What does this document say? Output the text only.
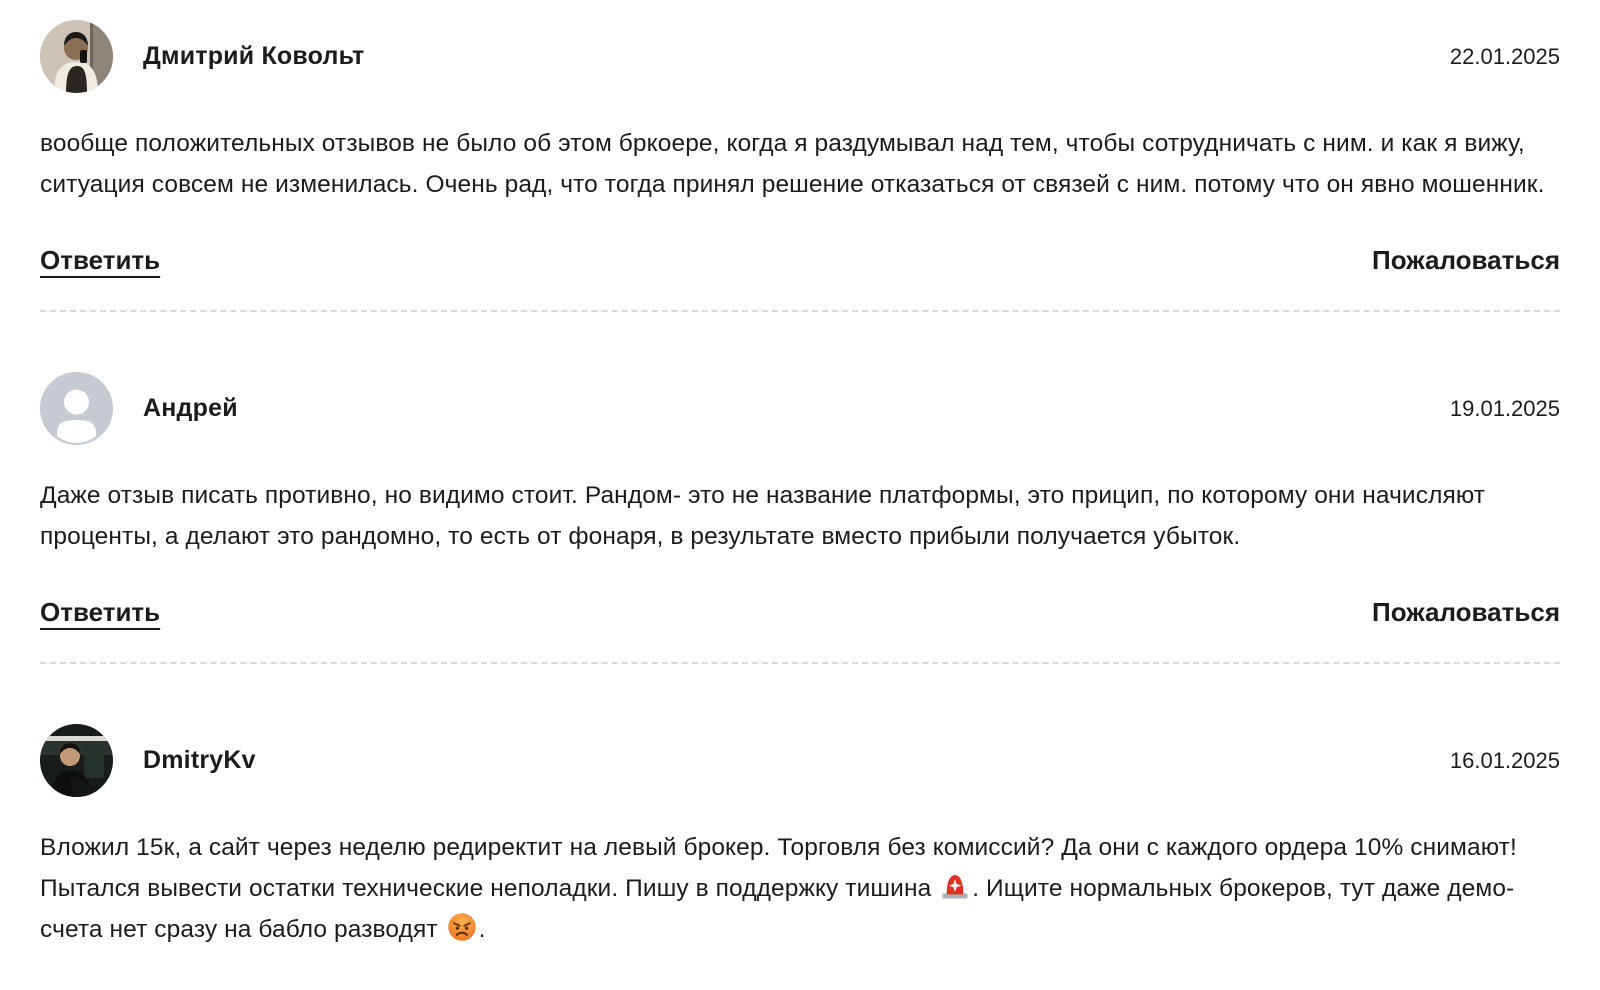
Дмитрий Ковольт	22.01.2025

вообще положительных отзывов не было об этом бркоере, когда я раздумывал над тем, чтобы сотрудничать с ним. и как я вижу, ситуация совсем не изменилась. Очень рад, что тогда принял решение отказаться от связей с ним. потому что он явно мошенник.

Ответить	Пожаловаться
Андрей	19.01.2025

Даже отзыв писать противно, но видимо стоит. Рандом- это не название платформы, это прицип, по которому они начисляют проценты, а делают это рандомно, то есть от фонаря, в результате вместо прибыли получается убыток.

Ответить	Пожаловаться
DmitryKv	16.01.2025

Вложил 15к, а сайт через неделю редиректит на левый брокер. Торговля без комиссий? Да они с каждого ордера 10% снимают! Пытался вывести остатки технические неполадки. Пишу в поддержку тишина . Ищите нормальных брокеров, тут даже демо-счета нет сразу на бабло разводят .
